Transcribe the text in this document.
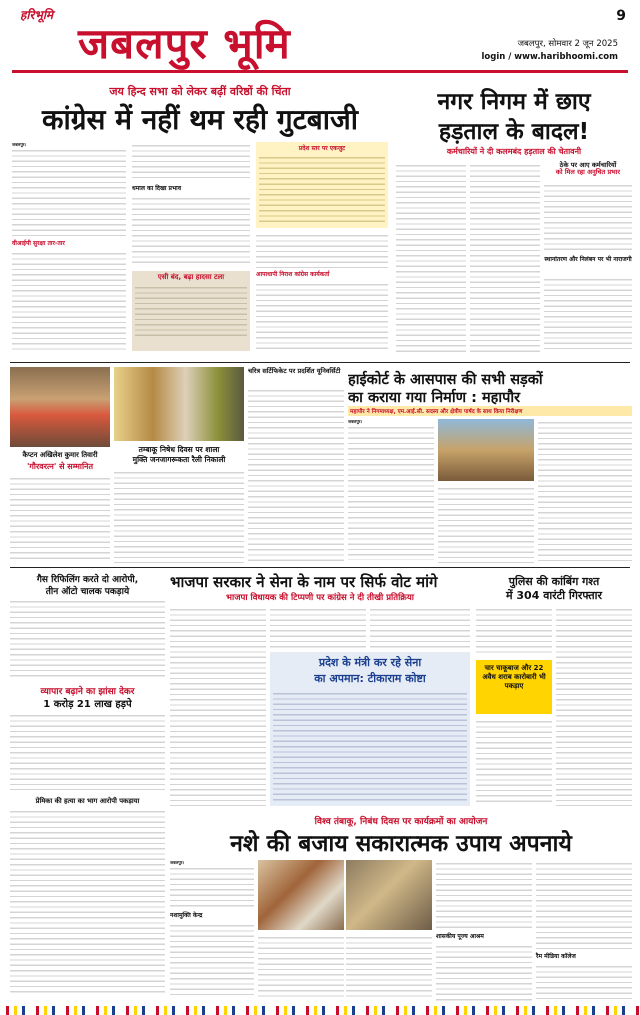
हरिभूमि
जबलपुर भूमि
9
जबलपुर, सोमवार 2 जून 2025
login / www.haribhoomi.com
जय हिन्द सभा को लेकर बढ़ीं वरिष्ठों की चिंता
कांग्रेस में नहीं थम रही गुटबाजी
जबलपुर।
वीआईपी सुरक्षा तार-तार
धमाल का दिखा प्रभाव
एसी बंद, बढ़ा हादसा टला
प्रदेश स्तर पर एकजुट
आपाधापी निराश कांग्रेस कार्यकर्ता
नगर निगम में छाए
हड़ताल के बादल!
कर्मचारियों ने दी कलमबंद हड़ताल की चेतावनी
ठेके पर आए कर्मचारियों
को मिल रहा अनुचित प्रभार
स्थानांतरण और निलंबन पर भी नाराजगी
कैप्टन अखिलेश कुमार तिवारी
'गौरवरत्न' से सम्मानित
तम्बाकू निषेध दिवस पर शाला
मुक्ति जनजागरूकता रैली निकाली
चरित्र सर्टिफिकेट पर प्रदर्शित यूनिवर्सिटी
हाईकोर्ट के आसपास की सभी सड़कों
का कराया गया निर्माण : महापौर
महापौर ने निगमाध्यक्ष, एम.आई.सी. सदस्य और क्षेत्रीय पार्षद के साथ किया निरीक्षण
जबलपुर।
गैस रिफिलिंग करते दो आरोपी,
तीन ऑटो चालक पकड़ाये
व्यापार बढ़ाने का झांसा देकर
1 करोड़ 21 लाख हड़पे
प्रेमिका की हत्या का भाग आरोपी पकड़ाया
भाजपा सरकार ने सेना के नाम पर सिर्फ वोट मांगे
भाजपा विधायक की टिप्पणी पर कांग्रेस ने दी तीखी प्रतिक्रिया
प्रदेश के मंत्री कर रहे सेना
का अपमान: टीकाराम कोष्टा
पुलिस की कांबिंग गश्त
में 304 वारंटी गिरफ्तार
चार चाकूबाज और 22 अवैध शराब कारोबारी भी पकड़ाए
विश्व तंबाकू, निबंध दिवस पर कार्यक्रमों का आयोजन
नशे की बजाय सकारात्मक उपाय अपनाये
जबलपुर।
नशामुक्ति केन्द्र
शासकीय पूज्य आश्रम
रैम मीडिया कॉलेज
